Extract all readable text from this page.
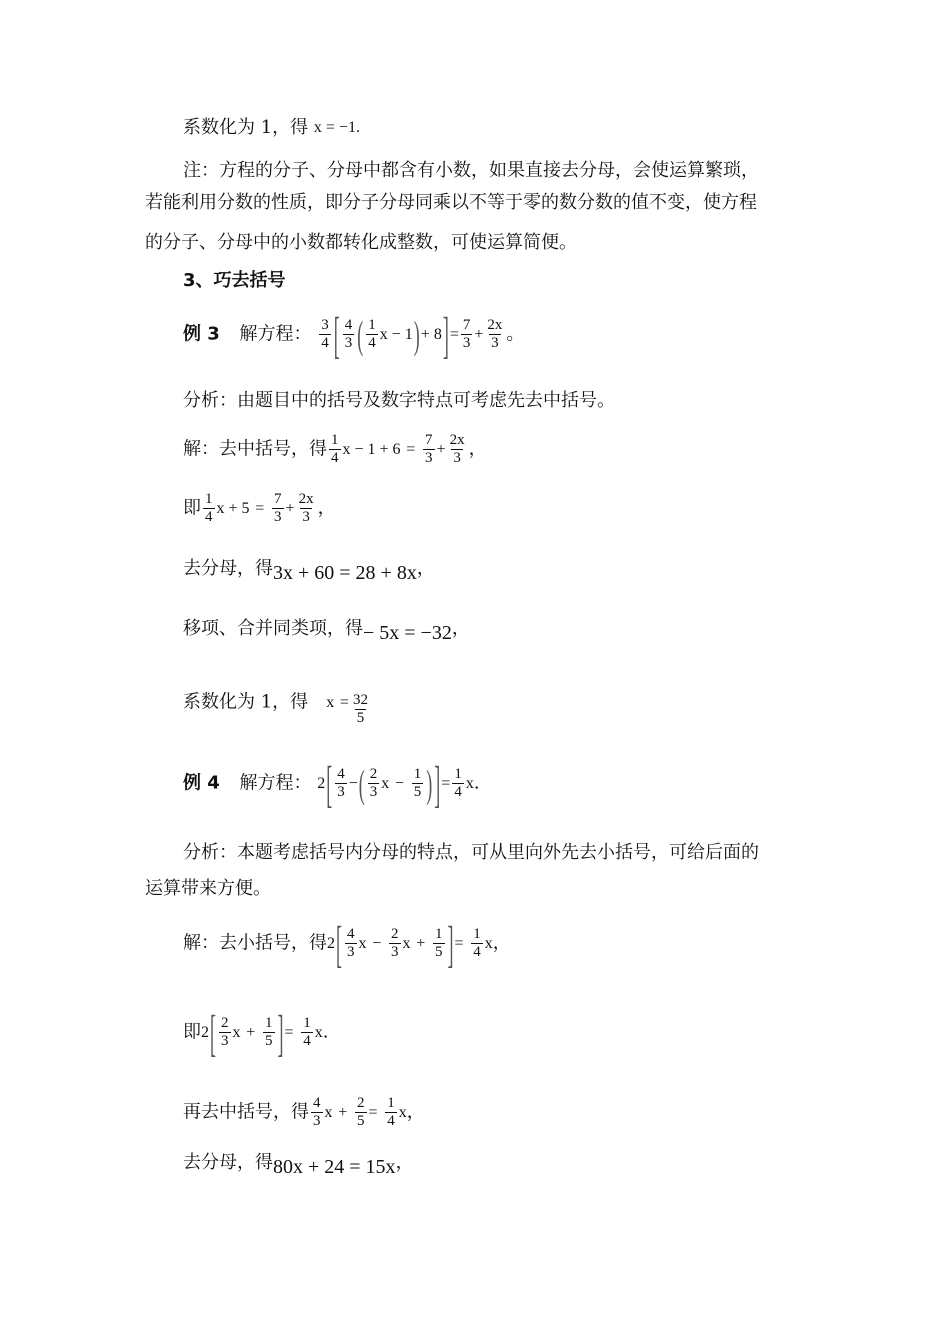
系数化为 1，得 x = −1.
注：方程的分子、分母中都含有小数，如果直接去分母，会使运算繁琐，
若能利用分数的性质，即分子分母同乘以不等于零的数分数的值不变，使方程
的分子、分母中的小数都转化成整数，可使运算简便。
3、巧去括号
例 3 解方程： $\frac{3}{4}$ [ $\frac{4}{3}$ ( $\frac{1}{4}$ $x - 1)+ 8]= \frac{7}{3} + \frac{2x}{3}$ 。
分析：由题目中的括号及数字特点可考虑先去中括号。
解：去中括号，得 $\frac{1}{4}$ $x - 1 + 6 = \frac{7}{3} + \frac{2x}{3}$ ，
即 $\frac{1}{4}$ $x + 5 = \frac{7}{3} + \frac{2x}{3}$ ，
去分母，得3x + 60 = 28 + 8x，
移项、合并同类项，得− 5x = −32，
系数化为 1，得 $x = \frac{32}{5}$
例 4 解方程： $2[ \frac{4}{3}$ −( $\frac{2}{3}$ $x - \frac{1}{5}$ ) ]= $\frac{1}{4} x$.
分析：本题考虑括号内分母的特点，可从里向外先去小括号，可给后面的
运算带来方便。
解：去小括号，得$2[ \frac{4}{3}$ $x - \frac{2}{3}$ $x + \frac{1}{5}$ ]= $\frac{1}{4}$ x，
即$2[ \frac{2}{3}$ $x + \frac{1}{5}$ ]= $\frac{1}{4} x$.
再去中括号，得 $\frac{4}{3}$ $x + \frac{2}{5} = \frac{1}{4}$ x，
去分母，得80x + 24 = 15x，
